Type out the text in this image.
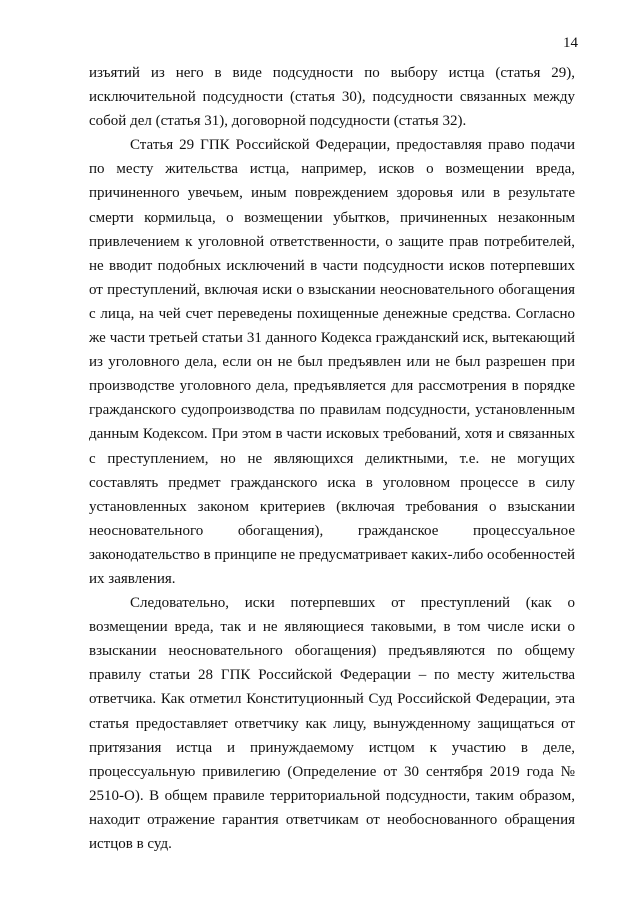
14

изъятий из него в виде подсудности по выбору истца (статья 29), исключительной подсудности (статья 30), подсудности связанных между собой дел (статья 31), договорной подсудности (статья 32).

Статья 29 ГПК Российской Федерации, предоставляя право подачи по месту жительства истца, например, исков о возмещении вреда, причиненного увечьем, иным повреждением здоровья или в результате смерти кормильца, о возмещении убытков, причиненных незаконным привлечением к уголовной ответственности, о защите прав потребителей, не вводит подобных исключений в части подсудности исков потерпевших от преступлений, включая иски о взыскании неосновательного обогащения с лица, на чей счет переведены похищенные денежные средства. Согласно же части третьей статьи 31 данного Кодекса гражданский иск, вытекающий из уголовного дела, если он не был предъявлен или не был разрешен при производстве уголовного дела, предъявляется для рассмотрения в порядке гражданского судопроизводства по правилам подсудности, установленным данным Кодексом. При этом в части исковых требований, хотя и связанных с преступлением, но не являющихся деликтными, т.е. не могущих составлять предмет гражданского иска в уголовном процессе в силу установленных законом критериев (включая требования о взыскании неосновательного обогащения), гражданское процессуальное законодательство в принципе не предусматривает каких-либо особенностей их заявления.

Следовательно, иски потерпевших от преступлений (как о возмещении вреда, так и не являющиеся таковыми, в том числе иски о взыскании неосновательного обогащения) предъявляются по общему правилу статьи 28 ГПК Российской Федерации – по месту жительства ответчика. Как отметил Конституционный Суд Российской Федерации, эта статья предоставляет ответчику как лицу, вынужденному защищаться от притязания истца и принуждаемому истцом к участию в деле, процессуальную привилегию (Определение от 30 сентября 2019 года № 2510-О). В общем правиле территориальной подсудности, таким образом, находит отражение гарантия ответчикам от необоснованного обращения истцов в суд.
